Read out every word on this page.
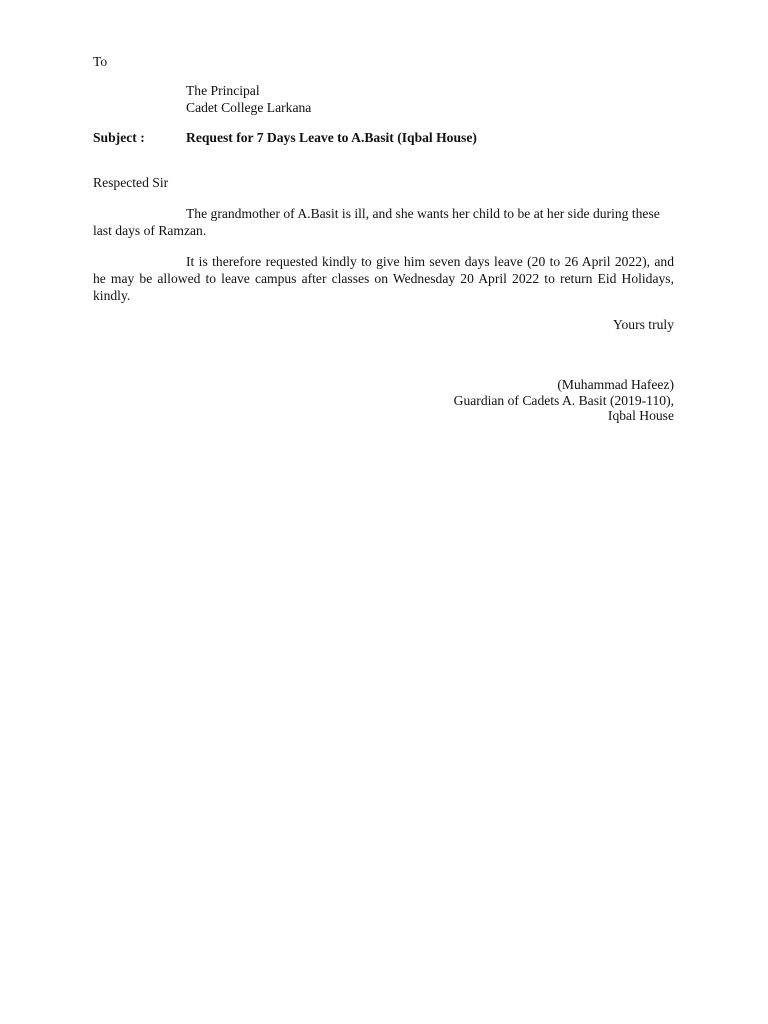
To
The Principal
Cadet College Larkana
Subject :	Request for 7 Days Leave to A.Basit (Iqbal House)
Respected Sir
The grandmother of A.Basit is ill, and she wants her child to be at her side during these last days of Ramzan.
It is therefore requested kindly to give him seven days leave (20 to 26 April 2022), and he may be allowed to leave campus after classes on Wednesday 20 April 2022 to return Eid Holidays, kindly.
Yours truly
(Muhammad Hafeez)
Guardian of Cadets A. Basit (2019-110),
Iqbal House
